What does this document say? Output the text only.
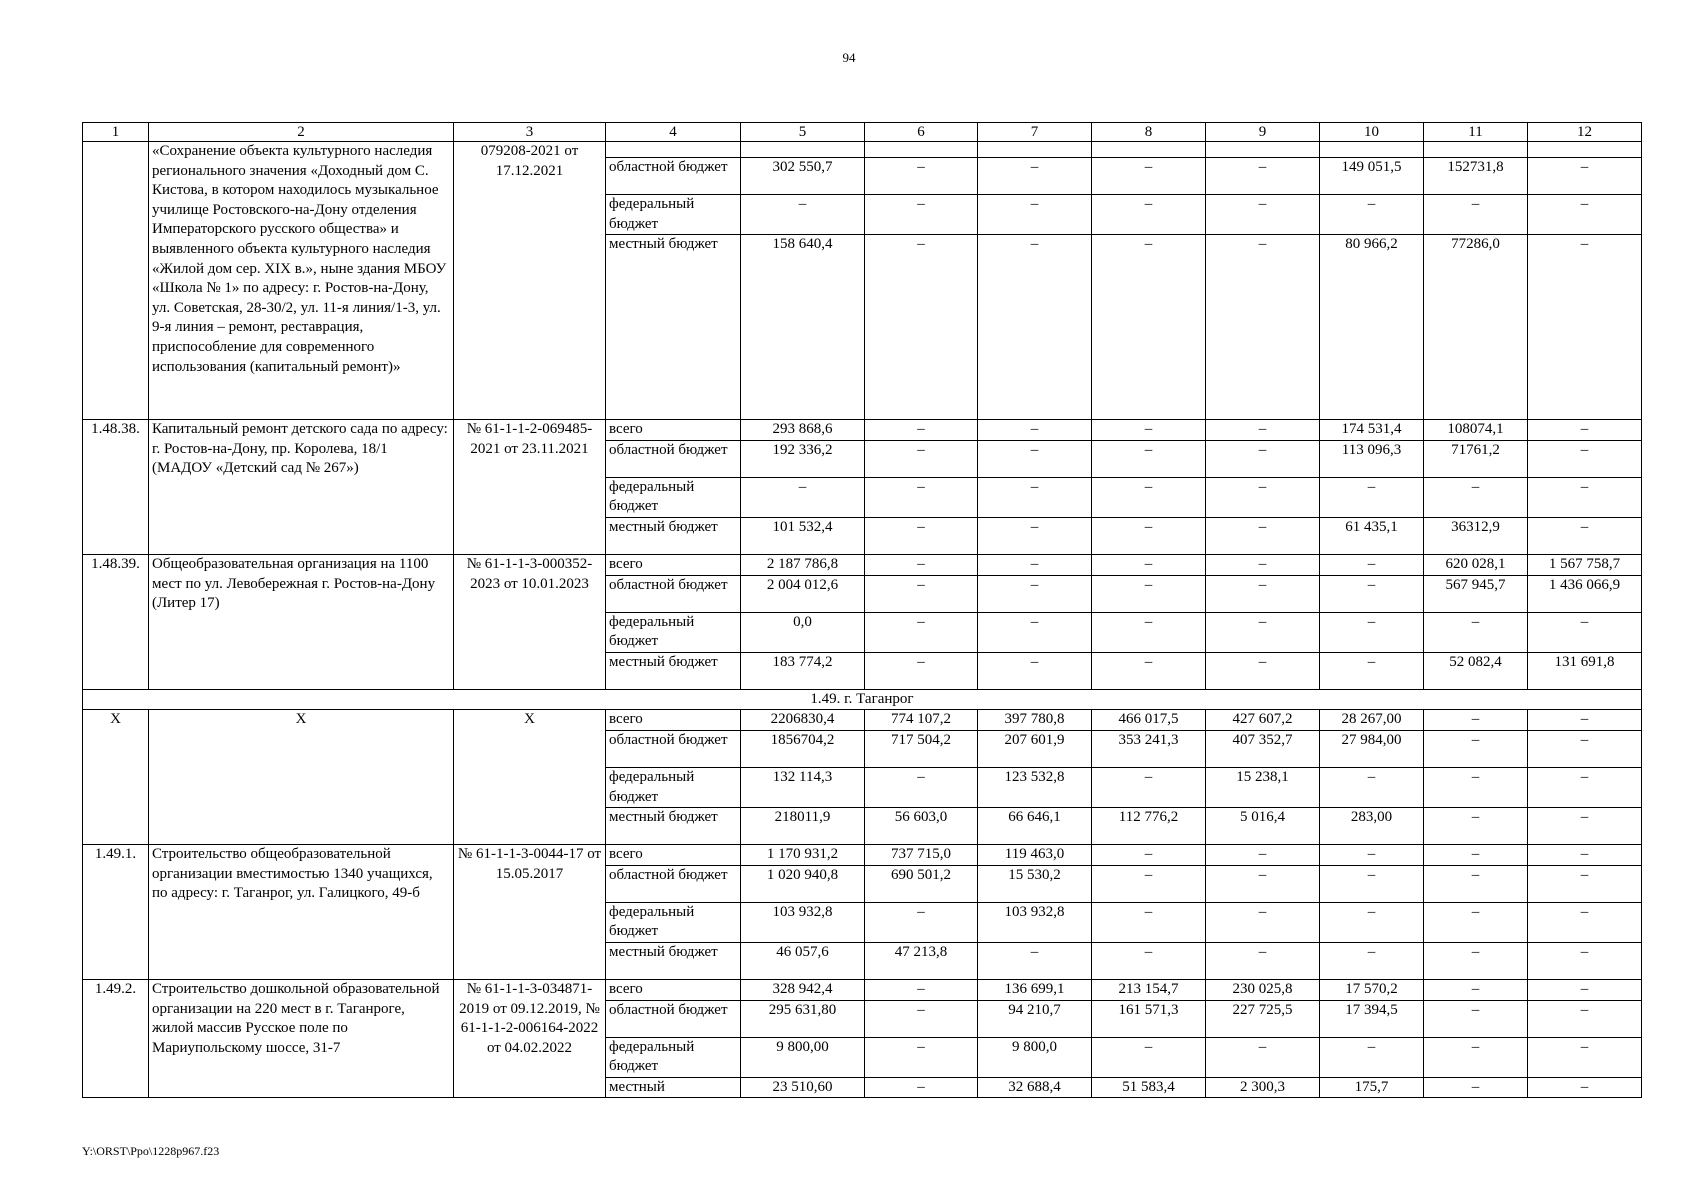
94
1	2	3	4	5	6	7	8	9	10	11	12
	«Сохранение объекта культурного наследия регионального значения «Доходный дом С. Кистова, в котором находилось музыкальное училище Ростовского-на-Дону отделения Императорского русского общества» и выявленного объекта культурного наследия «Жилой дом сер. XIX в.», ныне здания МБОУ «Школа № 1» по адресу: г. Ростов-на-Дону, ул. Советская, 28-30/2, ул. 11-я линия/1-3, ул. 9-я линия – ремонт, реставрация, приспособление для современного использования (капитальный ремонт)»	079208-2021 от 17.12.2021									
			областной бюджет	302 550,7	–	–	–	–	149 051,5	152731,8	–
			федеральный бюджет	–	–	–	–	–	–	–	–
			местный бюджет	158 640,4	–	–	–	–	80 966,2	77286,0	–
1.48.38.	Капитальный ремонт детского сада по адресу: г. Ростов-на-Дону, пр. Королева, 18/1 (МАДОУ «Детский сад № 267»)	№ 61-1-1-2-069485-2021 от 23.11.2021	всего	293 868,6	–	–	–	–	174 531,4	108074,1	–
			областной бюджет	192 336,2	–	–	–	–	113 096,3	71761,2	–
			федеральный бюджет	–	–	–	–	–	–	–	–
			местный бюджет	101 532,4	–	–	–	–	61 435,1	36312,9	–
1.48.39.	Общеобразовательная организация на 1100 мест по ул. Левобережная г. Ростов-на-Дону (Литер 17)	№ 61-1-1-3-000352-2023 от 10.01.2023	всего	2 187 786,8	–	–	–	–	–	620 028,1	1 567 758,7
			областной бюджет	2 004 012,6	–	–	–	–	–	567 945,7	1 436 066,9
			федеральный бюджет	0,0	–	–	–	–	–	–	–
			местный бюджет	183 774,2	–	–	–	–	–	52 082,4	131 691,8
1.49. г. Таганрог											
X	X	X	всего	2206830,4	774 107,2	397 780,8	466 017,5	427 607,2	28 267,00	–	–
			областной бюджет	1856704,2	717 504,2	207 601,9	353 241,3	407 352,7	27 984,00	–	–
			федеральный бюджет	132 114,3	–	123 532,8	–	15 238,1	–	–	–
			местный бюджет	218011,9	56 603,0	66 646,1	112 776,2	5 016,4	283,00	–	–
1.49.1.	Строительство общеобразовательной организации вместимостью 1340 учащихся, по адресу: г. Таганрог, ул. Галицкого, 49-б	№ 61-1-1-3-0044-17 от 15.05.2017	всего	1 170 931,2	737 715,0	119 463,0	–	–	–	–	–
			областной бюджет	1 020 940,8	690 501,2	15 530,2	–	–	–	–	–
			федеральный бюджет	103 932,8	–	103 932,8	–	–	–	–	–
			местный бюджет	46 057,6	47 213,8	–	–	–	–	–	–
1.49.2.	Строительство дошкольной образовательной организации на 220 мест в г. Таганроге, жилой массив Русское поле по Мариупольскому шоссе, 31-7	№ 61-1-1-3-034871-2019 от 09.12.2019, № 61-1-1-2-006164-2022 от 04.02.2022	всего	328 942,4	–	136 699,1	213 154,7	230 025,8	17 570,2	–	–
			областной бюджет	295 631,80	–	94 210,7	161 571,3	227 725,5	17 394,5	–	–
			федеральный бюджет	9 800,00	–	9 800,0	–	–	–	–	–
			местный	23 510,60	–	32 688,4	51 583,4	2 300,3	175,7	–	–
Y:\ORST\Ppo\1228p967.f23
